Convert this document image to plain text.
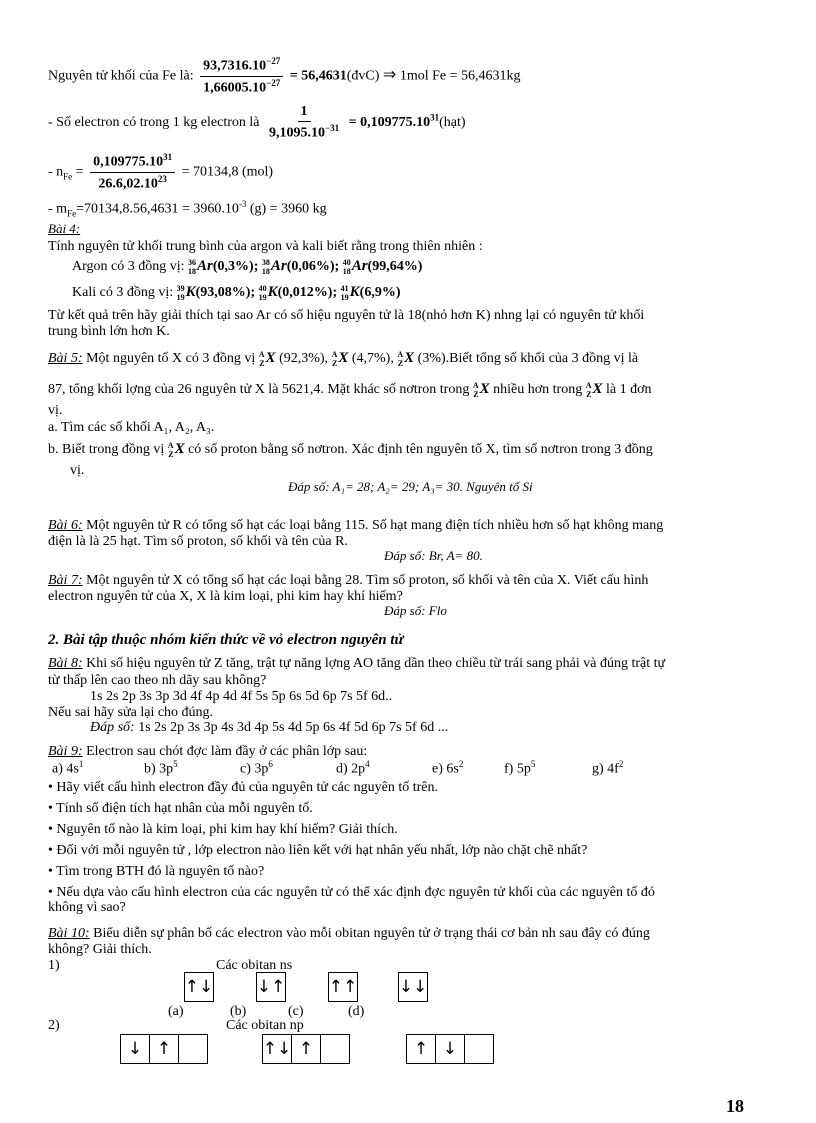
Nguyên tử khối của Fe là: $\frac{93,7316.10^{-27}}{1,66005.10^{-27}}$ = 56,4631(đvC) ⇒ 1mol Fe = 56,4631kg
- Số electron có trong 1 kg electron là $\frac{1}{9,1095.10^{-31}}$ = $0,109775.10^{31}(hạt)$
- $n_{Fe} = \frac{0,109775.10^{31}}{26.6,02.10^{23}} = 70134,8$ (mol)
- $m_{Fe}=70134,8.56,4631 = 3960.10^{-3}$ (g) = 3960 kg
Bài 4:
Tính nguyên tử khối trung bình của argon và kali biết rằng trong thiên nhiên :
Argon có 3 đồng vị: 36
18 Ar (0,3%) ;
38
18 Ar (0,06%) ;
40
18 Ar (99,64%)
Kali có 3 đồng vị: 39
19 K (93,08%) ;
40
19 K (0,012%) ;
41
19 K (6,9%)
Từ kết quả trên hãy giải thích tại sao Ar có số hiệu nguyên tử là 18(nhỏ hơn K) nhng lại có nguyên tử khối
trung bình lớn hơn K.
Bài 5: Một nguyên tố X có 3 đồng vị A
Z X (92,3%), A
Z X (4,7%), A
Z X (3%).Biết tổng số khối của 3 đồng vị là
87, tổng khối lợng của 26 nguyên tử X là 5621,4. Mặt khác số nơtron trong A
Z X nhiều hơn trong A
Z X là 1 đơn
vị.
a. Tìm các số khối A₁, A₂, A₃.
b. Biết trong đồng vị A
Z X có số proton bằng số nơtron. Xác định tên nguyên tố X, tìm số nơtron trong 3 đồng
vị.
Đáp số: A₁= 28; A₂= 29; A₃= 30. Nguyên tố Si
Bài 6: Một nguyên tử R có tổng số hạt các loại bằng 115. Số hạt mang điện tích nhiều hơn số hạt không mang
điện là là 25 hạt. Tìm số proton, số khối và tên của R.
Đáp số: Br, A= 80.
Bài 7: Một nguyên tử X có tổng số hạt các loại bằng 28. Tìm số proton, số khối và tên của X. Viết cấu hình
electron nguyên tử của X, X là kim loại, phi kim hay khí hiếm?
Đáp số: Flo
2. Bài tập thuộc nhóm kiến thức về vỏ electron nguyên tử
Bài 8: Khi số hiệu nguyên tử Z tăng, trật tự năng lợng AO tăng dần theo chiều từ trái sang phải và đúng trật tự
từ thấp lên cao theo nh dãy sau không?
1s 2s 2p 3s 3p 3d 4f 4p 4d 4f 5s 5p 6s 5d 6p 7s 5f 6d..
Nếu sai hãy sửa lại cho đúng.
Đáp số: 1s 2s 2p 3s 3p 4s 3d 4p 5s 4d 5p 6s 4f 5d 6p 7s 5f 6d ...
Bài 9: Electron sau chót đợc làm đầy ở các phân lớp sau:
a) $4s^1$	b) $3p^5$	c) $3p^6$	d) $2p^4$	e) $6s^2$	f) $5p^5$	g) $4f^2$
• Hãy viết cấu hình electron đầy đủ của nguyên tử các nguyên tố trên.
• Tính số điện tích hạt nhân của mỗi nguyên tố.
• Nguyên tố nào là kim loại, phi kim hay khí hiếm? Giải thích.
• Đối với mỗi nguyên tử , lớp electron nào liên kết với hạt nhân yếu nhất, lớp nào chặt chẽ nhất?
• Tìm trong BTH đó là nguyên tố nào?
• Nếu dựa vào cấu hình electron của các nguyên tử có thể xác định đợc nguyên tử khối của các nguyên tố đó
không vì sao?
Bài 10: Biểu diễn sự phân bố các electron vào mỗi obitan nguyên tử ở trạng thái cơ bản nh sau đây có đúng
không? Giải thích.
1)	Các obitan ns
↑↓	↓↑	↑↑ ↓↓
(a)	(b)	(c)	(d)
2)	Các obitan np
↓ ↑	↑↓ ↑	↑ ↓
18
